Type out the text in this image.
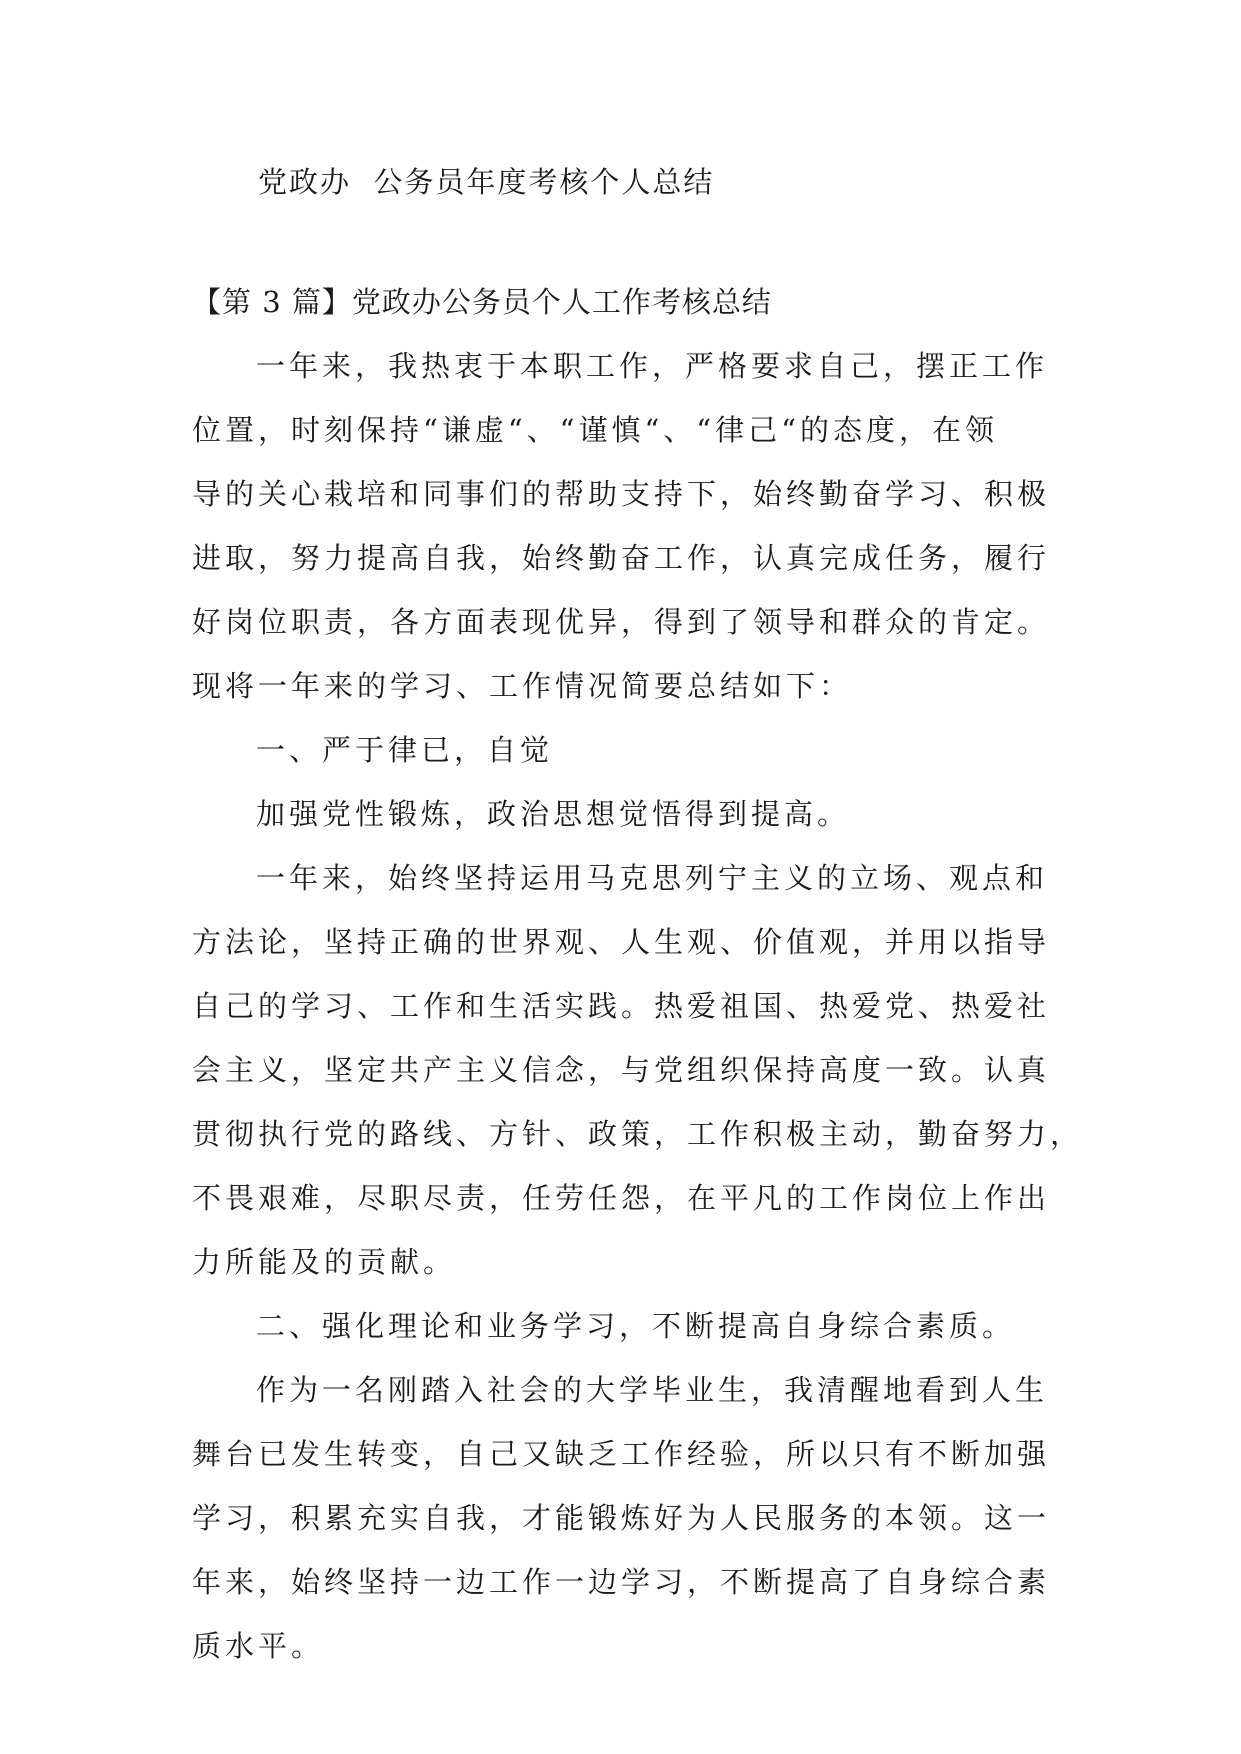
党政办  公务员年度考核个人总结
【第 3 篇】党政办公务员个人工作考核总结

一年来，我热衷于本职工作，严格要求自己，摆正工作
位置，时刻保持“谦虚“、“谨慎“、“律己“的态度，在领
导的关心栽培和同事们的帮助支持下，始终勤奋学习、积极
进取，努力提高自我，始终勤奋工作，认真完成任务，履行
好岗位职责，各方面表现优异，得到了领导和群众的肯定。
现将一年来的学习、工作情况简要总结如下：

一、严于律已，自觉

加强党性锻炼，政治思想觉悟得到提高。

一年来，始终坚持运用马克思列宁主义的立场、观点和
方法论，坚持正确的世界观、人生观、价值观，并用以指导
自己的学习、工作和生活实践。热爱祖国、热爱党、热爱社
会主义，坚定共产主义信念，与党组织保持高度一致。认真
贯彻执行党的路线、方针、政策，工作积极主动，勤奋努力，
不畏艰难，尽职尽责，任劳任怨，在平凡的工作岗位上作出
力所能及的贡献。

二、强化理论和业务学习，不断提高自身综合素质。

作为一名刚踏入社会的大学毕业生，我清醒地看到人生
舞台已发生转变，自己又缺乏工作经验，所以只有不断加强
学习，积累充实自我，才能锻炼好为人民服务的本领。这一
年来，始终坚持一边工作一边学习，不断提高了自身综合素
质水平。
